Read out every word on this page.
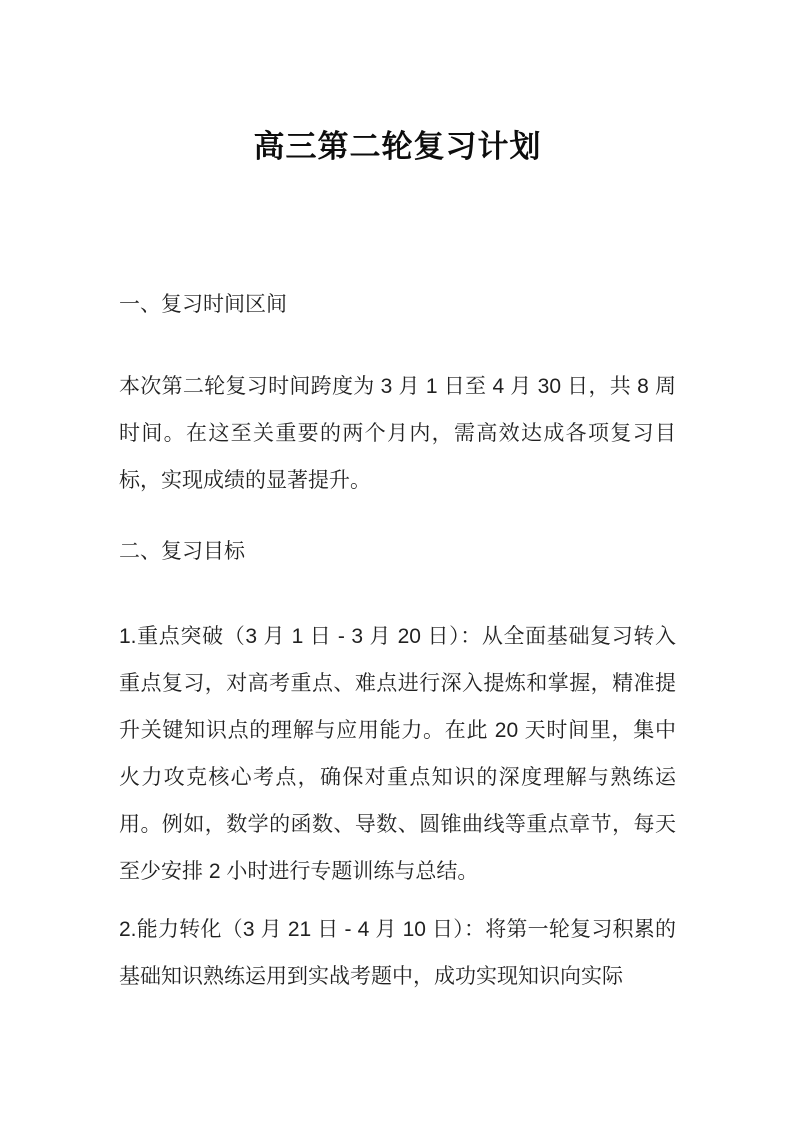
高三第二轮复习计划
一、复习时间区间

本次第二轮复习时间跨度为 3 月 1 日至 4 月 30 日，共 8 周时间。在这至关重要的两个月内，需高效达成各项复习目标，实现成绩的显著提升。

二、复习目标

1.重点突破（3 月 1 日 - 3 月 20 日）：从全面基础复习转入重点复习，对高考重点、难点进行深入提炼和掌握，精准提升关键知识点的理解与应用能力。在此 20 天时间里，集中火力攻克核心考点，确保对重点知识的深度理解与熟练运用。例如，数学的函数、导数、圆锥曲线等重点章节，每天至少安排 2 小时进行专题训练与总结。

2.能力转化（3 月 21 日 - 4 月 10 日）：将第一轮复习积累的基础知识熟练运用到实战考题中，成功实现知识向实际
